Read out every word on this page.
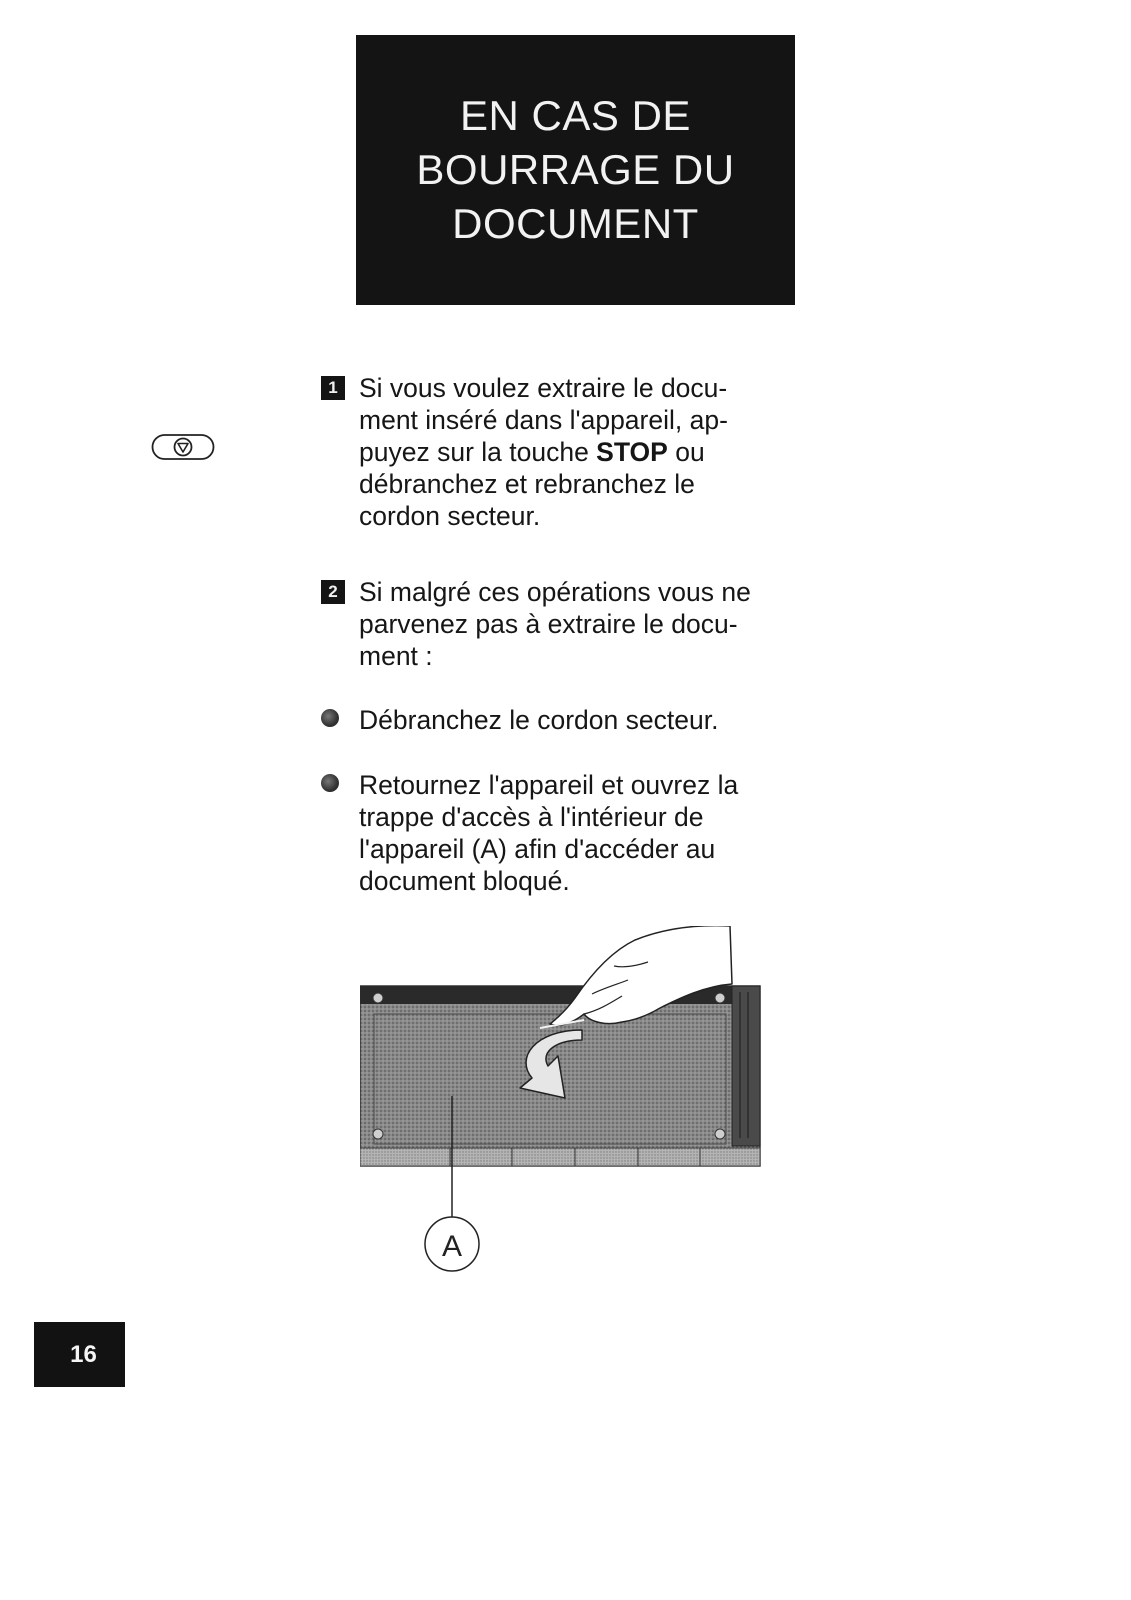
EN CAS DE
BOURRAGE DU
DOCUMENT
1 Si vous voulez extraire le docu-
ment inséré dans l'appareil, ap-
puyez sur la touche STOP ou
débranchez et rebranchez le
cordon secteur.
2 Si malgré ces opérations vous ne
parvenez pas à extraire le docu-
ment :
Débranchez le cordon secteur.
Retournez l'appareil et ouvrez la
trappe d'accès à l'intérieur de
l'appareil (A) afin d'accéder au
document bloqué.
A
16
